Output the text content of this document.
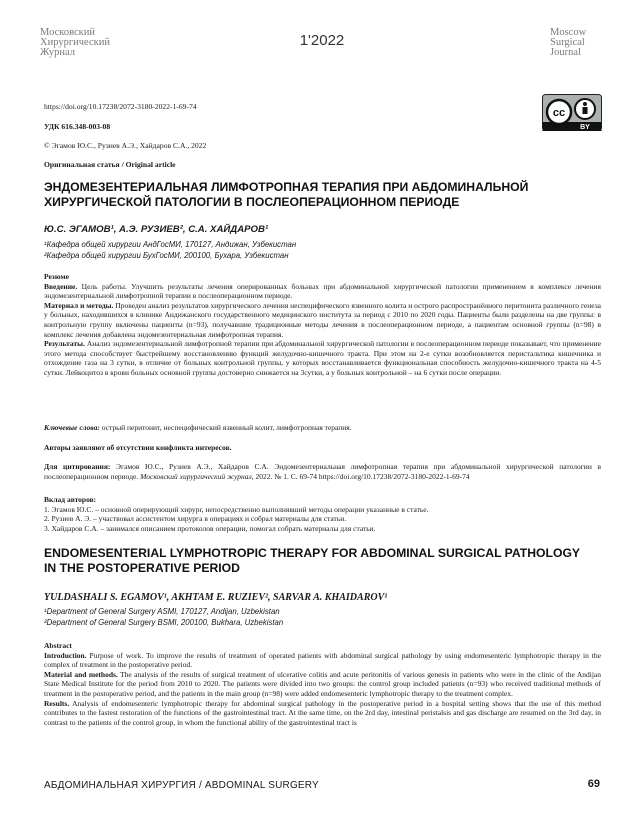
Московский
Хирургический
Журнал
1'2022	Moscow
Surgical
Journal
https://doi.org/10.17238/2072-3180-2022-1-69-74
УДК 616.348-003-08
© Эгамов Ю.С., Рузиев А.Э., Хайдаров С.А., 2022
Оригинальная статья / Original article
cc
BY
ЭНДОМЕЗЕНТЕРИАЛЬНАЯ ЛИМФОТРОПНАЯ ТЕРАПИЯ ПРИ АБДОМИНАЛЬНОЙ
ХИРУРГИЧЕСКОЙ ПАТОЛОГИИ В ПОСЛЕОПЕРАЦИОННОМ ПЕРИОДЕ
Ю.С. ЭГАМОВ¹, А.Э. РУЗИЕВ², С.А. ХАЙДАРОВ¹
¹Кафедра общей хирургии АндГосМИ, 170127, Андижан, Узбекистан
²Кафедра общей хирургии БухГосМИ, 200100, Бухара, Узбекистан
Резюме
Введение. Цель работы. Улучшить результаты лечения оперированных больных при абдоминальной хирургической патологии применением в комплексе лечения эндомезентериальной лимфотропной терапии в послеоперационном периоде.
Материал и методы. Проведен анализ результатов хирургического лечения неспецифического язвенного колита и острого распространённого перитонита различного генеза у больных, находившихся в клинике Андижанского государственного медицинского института за период с 2010 по 2020 годы. Пациенты были разделены на две группы: в контрольную группу включены пациенты (n=93), получавшие традиционные методы лечения в послеоперационном периоде, а пациентам основной группы (n=98) в комплекс лечения добавлена эндомезентериальная лимфотропная терапия.
Результаты. Анализ эндомезентериальной лимфотропной терапии при абдоминальной хирургической патологии в послеоперационном периоде показывает, что применение этого метода способствует быстрейшему восстановлению функций желудочно-кишечного тракта. При этом на 2-е сутки возобновляется перистальтика кишечника и отхождение газа на 3 сутки, в отличие от больных контрольной группы, у которых восстанавливается функциональная способность желудочно-кишечного тракта на 4-5 сутки. Лейкоцитоз в крови больных основной группы достоверно снижается на 3сутки, а у больных контрольной – на 6 сутки после операции.
Ключевые слова: острый перитонит, неспецифический язвенный колит, лимфотропная терапия.
Авторы заявляют об отсутствии конфликта интересов.
Для цитирования: Эгамов Ю.С., Рузиев А.Э., Хайдаров С.А. Эндомезентериальная лимфотропная терапия при абдоминальной хирургической патологии в послеоперационном периоде. Московский хирургический журнал, 2022. № 1. С. 69-74 https://doi.org/10.17238/2072-3180-2022-1-69-74
Вклад авторов:
1. Эгамов Ю.С. – основной оперирующий хирург, непосредственно выполнявший методы операции указанные в статье.
2. Рузиев А. Э. – участвовал ассистентом хирурга в операциях и собрал материалы для статьи.
3. Хайдаров С.А. – занимался описанием протоколов операции, помогал собрать материалы для статьи.
ENDOMESENTERIAL LYMPHOTROPIC THERAPY FOR ABDOMINAL SURGICAL PATHOLOGY
IN THE POSTOPERATIVE PERIOD
YULDASHALI S. EGAMOV¹, AKHTAM E. RUZIEV², SARVAR A. KHAIDAROV¹
¹Department of General Surgery ASMI, 170127, Andijan, Uzbekistan
²Department of General Surgery BSMI, 200100, Bukhara, Uzbekistan
Abstract
Introduction. Purpose of work. To improve the results of treatment of operated patients with abdominal surgical pathology by using endomesenteric lymphotropic therapy in the complex of treatment in the postoperative period.
Material and methods. The analysis of the results of surgical treatment of ulcerative colitis and acute peritonitis of various genesis in patients who were in the clinic of the Andijan State Medical Institute for the period from 2010 to 2020. The patients were divided into two groups: the control group included patients (n=93) who received traditional methods of treatment in the postoperative period, and the patients in the main group (n=98) were added endomesenteric lymphotropic therapy to the treatment complex.
Results. Analysis of endomesenteric lymphotropic therapy for abdominal surgical pathology in the postoperative period in a hospital setting shows that the use of this method contributes to the fastest restoration of the functions of the gastrointestinal tract. At the same time, on the 2rd day, intestinal peristalsis and gas discharge are resumed on the 3rd day, in contrast to the patients of the control group, in whom the functional ability of the gastrointestinal tract is
АБДОМИНАЛЬНАЯ ХИРУРГИЯ / ABDOMINAL SURGERY	69
